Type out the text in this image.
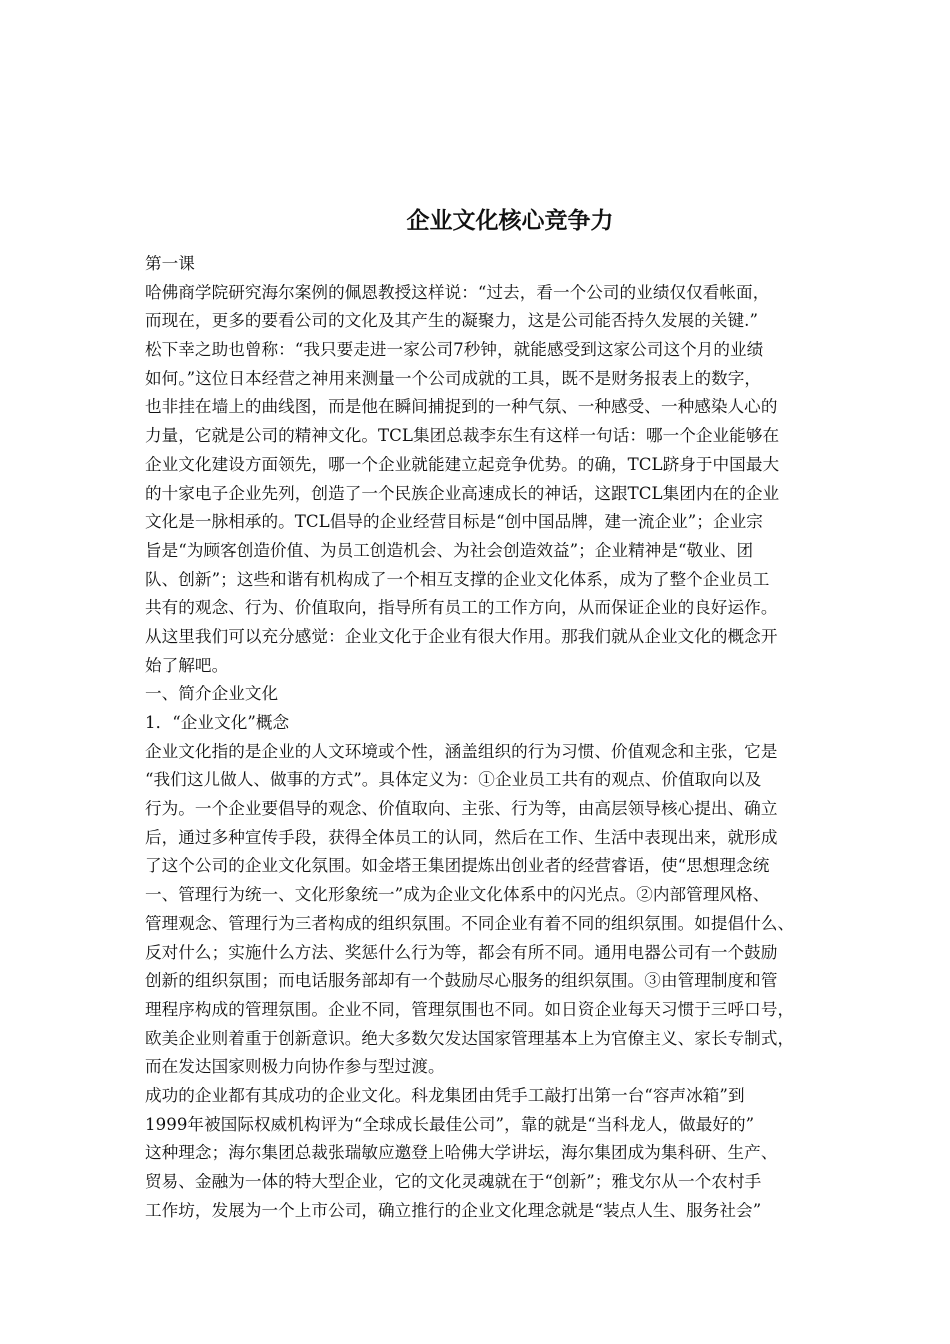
企业文化核心竞争力

第一课

哈佛商学院研究海尔案例的佩恩教授这样说：“过去，看一个公司的业绩仅仅看帐面，

而现在，更多的要看公司的文化及其产生的凝聚力，这是公司能否持久发展的关键.”

松下幸之助也曾称：“我只要走进一家公司7秒钟，就能感受到这家公司这个月的业绩

如何。”这位日本经营之神用来测量一个公司成就的工具，既不是财务报表上的数字，

也非挂在墙上的曲线图，而是他在瞬间捕捉到的一种气氛、一种感受、一种感染人心的

力量，它就是公司的精神文化。TCL集团总裁李东生有这样一句话：哪一个企业能够在

企业文化建设方面领先，哪一个企业就能建立起竞争优势。的确，TCL跻身于中国最大

的十家电子企业先列，创造了一个民族企业高速成长的神话，这跟TCL集团内在的企业

文化是一脉相承的。TCL倡导的企业经营目标是“创中国品牌，建一流企业”；企业宗

旨是“为顾客创造价值、为员工创造机会、为社会创造效益”；企业精神是“敬业、团

队、创新”；这些和谐有机构成了一个相互支撑的企业文化体系，成为了整个企业员工

共有的观念、行为、价值取向，指导所有员工的工作方向，从而保证企业的良好运作。

从这里我们可以充分感觉：企业文化于企业有很大作用。那我们就从企业文化的概念开

始了解吧。

一、简介企业文化

1．“企业文化”概念

企业文化指的是企业的人文环境或个性，涵盖组织的行为习惯、价值观念和主张，它是

“我们这儿做人、做事的方式”。具体定义为：①企业员工共有的观点、价值取向以及

行为。一个企业要倡导的观念、价值取向、主张、行为等，由高层领导核心提出、确立

后，通过多种宣传手段，获得全体员工的认同，然后在工作、生活中表现出来，就形成

了这个公司的企业文化氛围。如金塔王集团提炼出创业者的经营睿语，使“思想理念统

一、管理行为统一、文化形象统一”成为企业文化体系中的闪光点。②内部管理风格、

管理观念、管理行为三者构成的组织氛围。不同企业有着不同的组织氛围。如提倡什么、

反对什么；实施什么方法、奖惩什么行为等，都会有所不同。通用电器公司有一个鼓励

创新的组织氛围；而电话服务部却有一个鼓励尽心服务的组织氛围。③由管理制度和管

理程序构成的管理氛围。企业不同，管理氛围也不同。如日资企业每天习惯于三呼口号，

欧美企业则着重于创新意识。绝大多数欠发达国家管理基本上为官僚主义、家长专制式，

而在发达国家则极力向协作参与型过渡。

成功的企业都有其成功的企业文化。科龙集团由凭手工敲打出第一台“容声冰箱”到

1999年被国际权威机构评为“全球成长最佳公司”，靠的就是“当科龙人，做最好的”

这种理念；海尔集团总裁张瑞敏应邀登上哈佛大学讲坛，海尔集团成为集科研、生产、

贸易、金融为一体的特大型企业，它的文化灵魂就在于“创新”；雅戈尔从一个农村手

工作坊，发展为一个上市公司，确立推行的企业文化理念就是“装点人生、服务社会”
